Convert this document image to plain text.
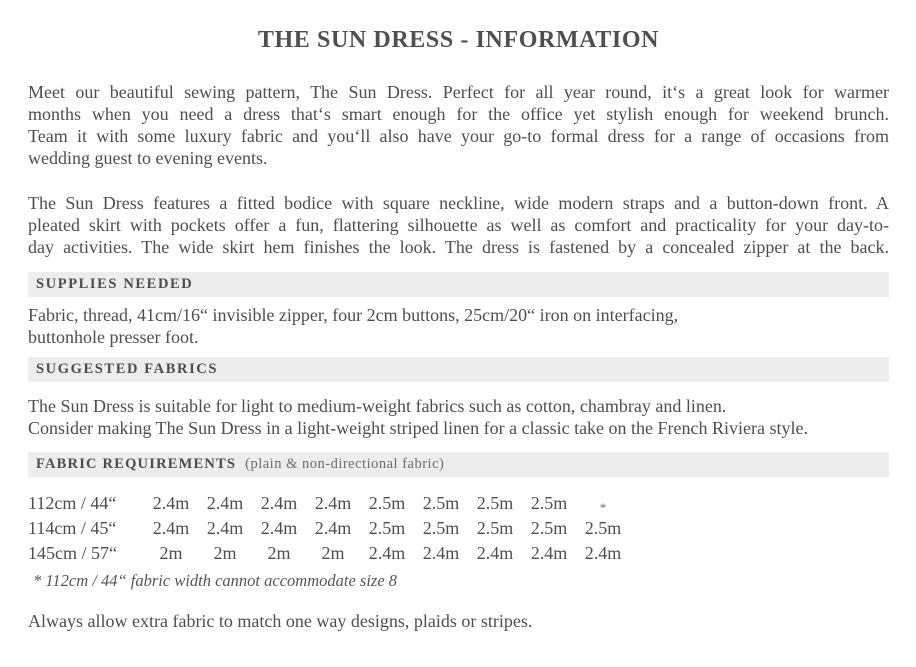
THE SUN DRESS - INFORMATION
Meet our beautiful sewing pattern, The Sun Dress. Perfect for all year round, it‘s a great look for warmer
months when you need a dress that‘s smart enough for the office yet stylish enough for weekend brunch.
Team it with some luxury fabric and you‘ll also have your go-to formal dress for a range of occasions from
wedding guest to evening events.
The Sun Dress features a fitted bodice with square neckline, wide modern straps and a button-down front. A
pleated skirt with pockets offer a fun, flattering silhouette as well as comfort and practicality for your day-to-
day activities. The wide skirt hem finishes the look. The dress is fastened by a concealed zipper at the back.
SUPPLIES NEEDED
Fabric, thread, 41cm/16“ invisible zipper, four 2cm buttons, 25cm/20“ iron on interfacing,
buttonhole presser foot.
SUGGESTED FABRICS
The Sun Dress is suitable for light to medium-weight fabrics such as cotton, chambray and linen.
Consider making The Sun Dress in a light-weight striped linen for a classic take on the French Riviera style.
FABRIC REQUIREMENTS (plain & non-directional fabric)
112cm / 44“	2.4m	2.4m	2.4m	2.4m	2.5m	2.5m	2.5m	2.5m	*
114cm / 45“	2.4m	2.4m	2.4m	2.4m	2.5m	2.5m	2.5m	2.5m	2.5m
145cm / 57“	2m	2m	2m	2m	2.4m	2.4m	2.4m	2.4m	2.4m
* 112cm / 44“ fabric width cannot accommodate size 8
Always allow extra fabric to match one way designs, plaids or stripes.
